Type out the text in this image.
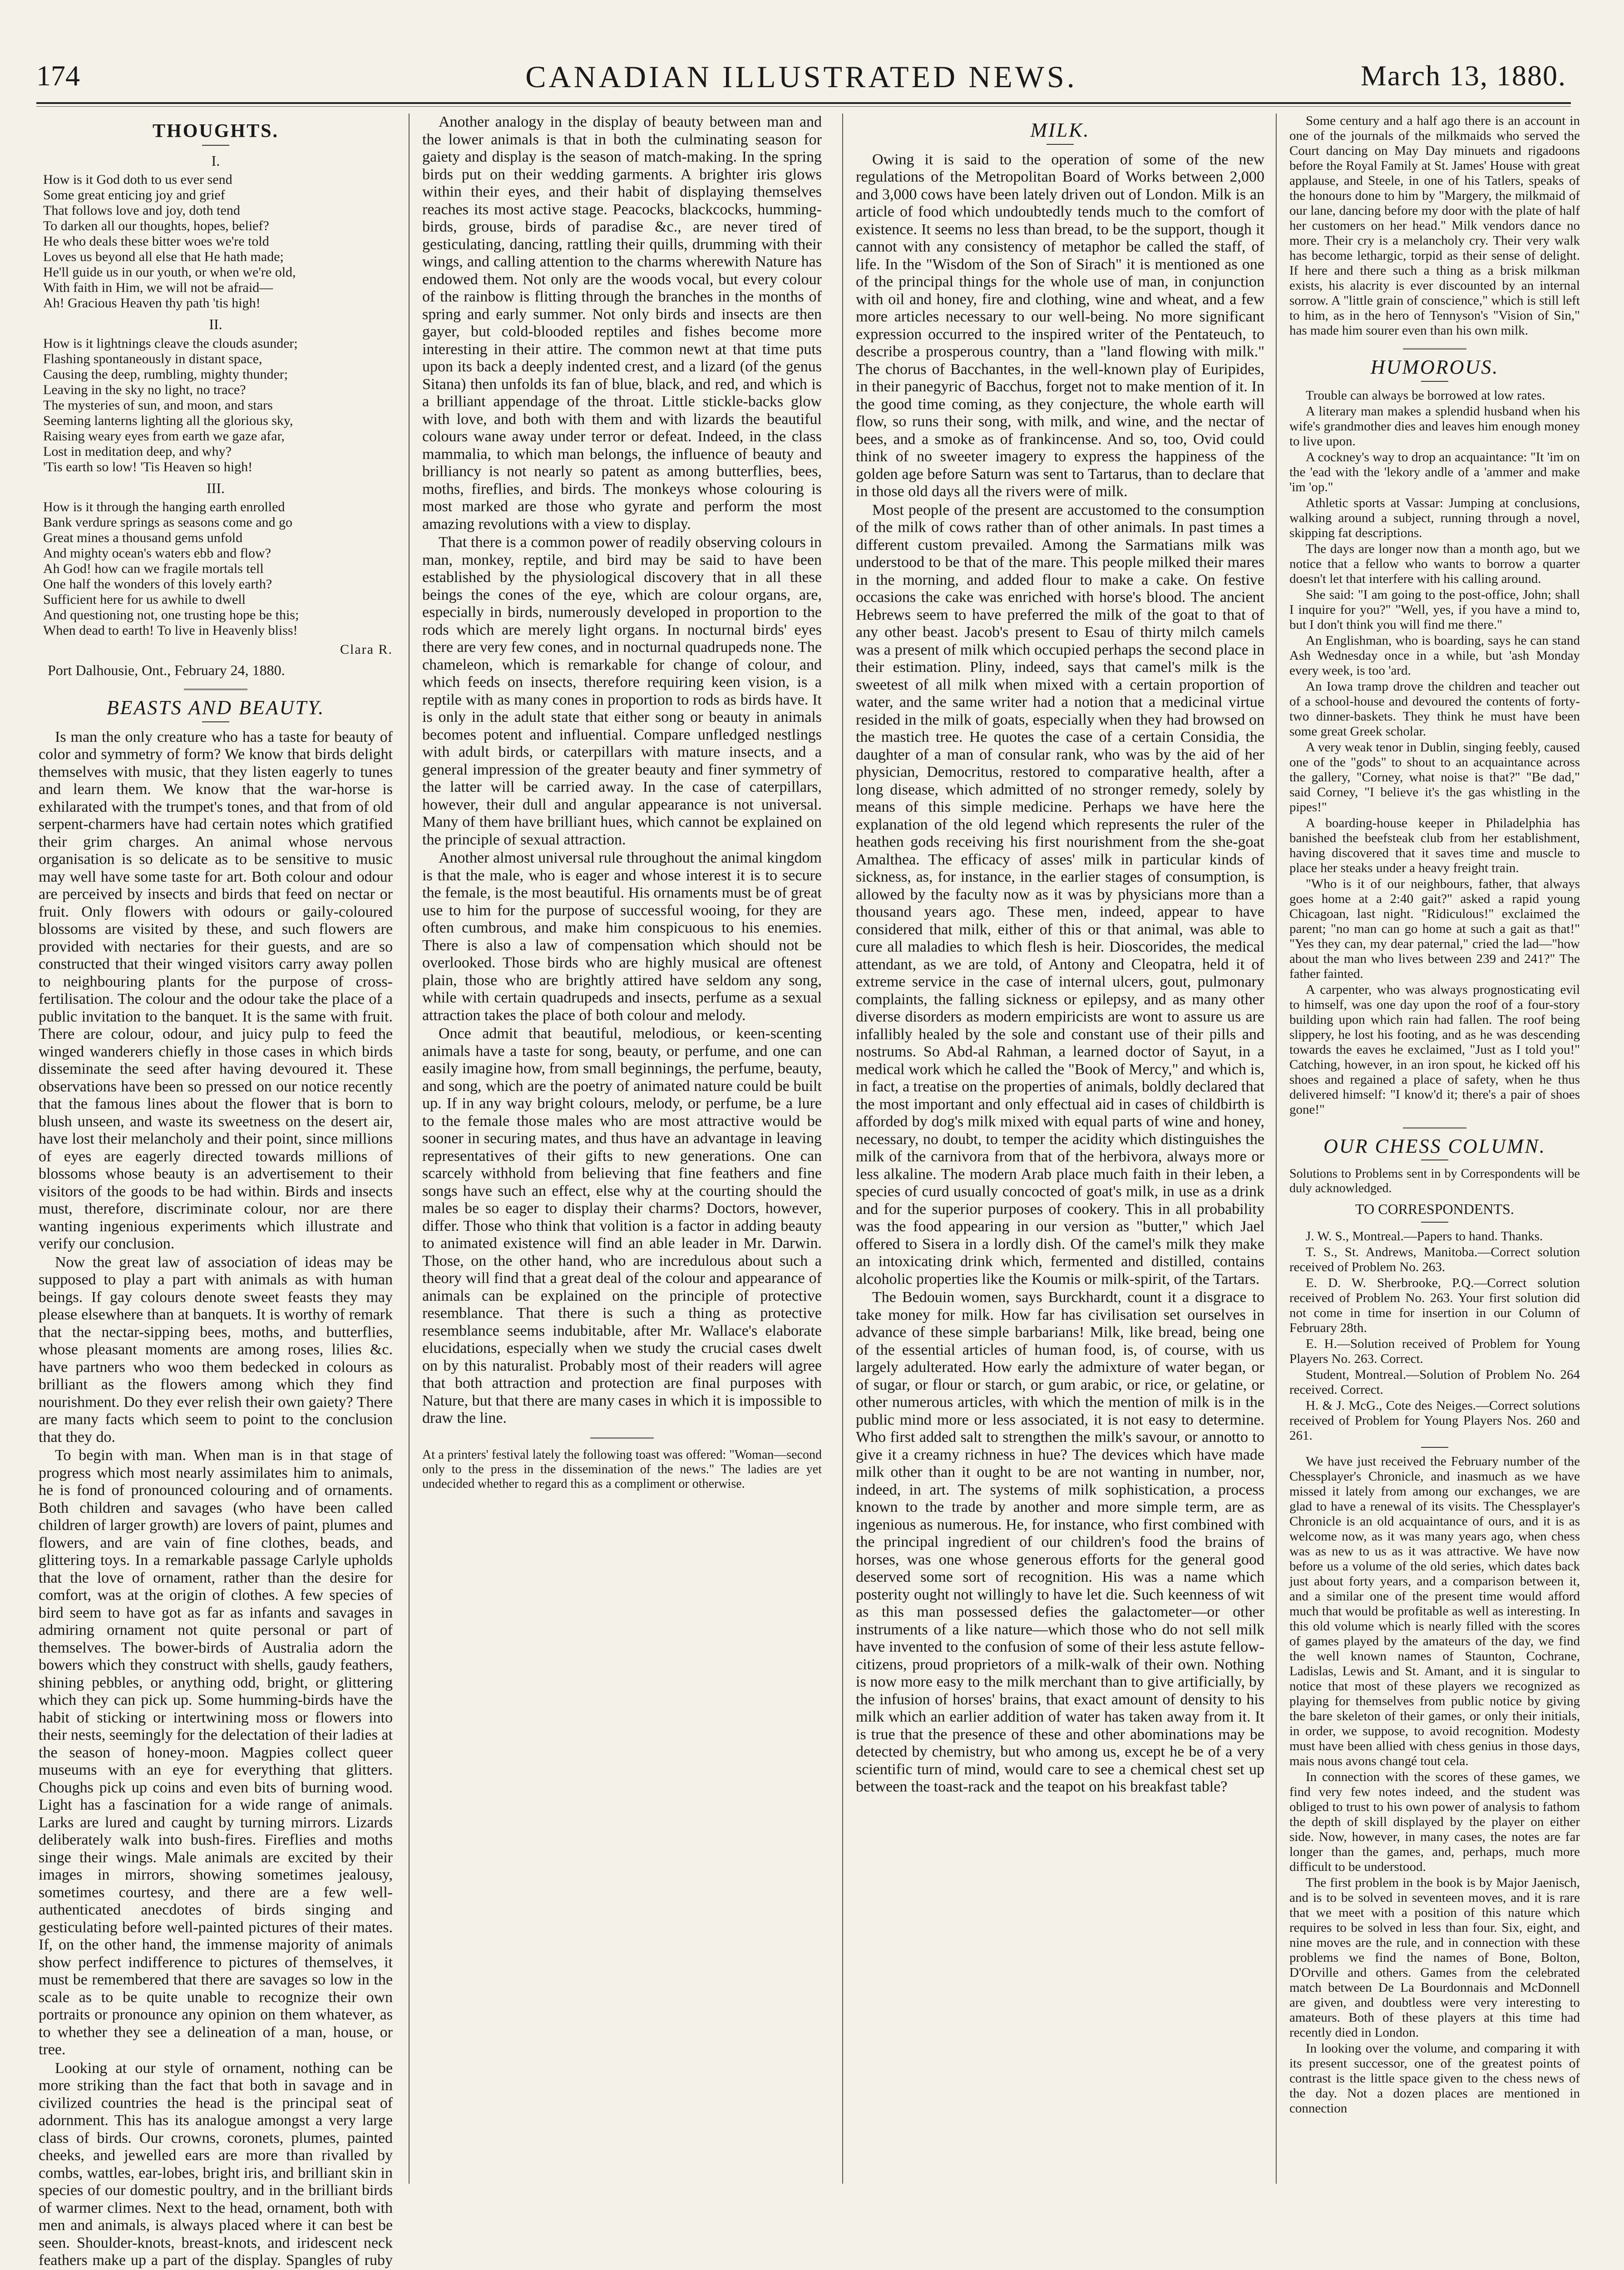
174	CANADIAN ILLUSTRATED NEWS.	March 13, 1880.
THOUGHTS.
I.

How is it God doth to us ever send

Some great enticing joy and grief

That follows love and joy, doth tend

To darken all our thoughts, hopes, belief?

He who deals these bitter woes we're told

Loves us beyond all else that He hath made;

He'll guide us in our youth, or when we're old,

With faith in Him, we will not be afraid—

Ah! Gracious Heaven thy path 'tis high!

II.

How is it lightnings cleave the clouds asunder;

Flashing spontaneously in distant space,

Causing the deep, rumbling, mighty thunder;

Leaving in the sky no light, no trace?

The mysteries of sun, and moon, and stars

Seeming lanterns lighting all the glorious sky,

Raising weary eyes from earth we gaze afar,

Lost in meditation deep, and why?

'Tis earth so low! 'Tis Heaven so high!

III.

How is it through the hanging earth enrolled

Bank verdure springs as seasons come and go

Great mines a thousand gems unfold

And mighty ocean's waters ebb and flow?

Ah God! how can we fragile mortals tell

One half the wonders of this lovely earth?

Sufficient here for us awhile to dwell

And questioning not, one trusting hope be this;

When dead to earth! To live in Heavenly bliss!

Clara R.
Port Dalhousie, Ont., February 24, 1880.
BEASTS AND BEAUTY.

Is man the only creature who has a taste for beauty of color and symmetry of form? We know that birds delight themselves with music, that they listen eagerly to tunes and learn them. We know that the war-horse is exhilarated with the trumpet's tones, and that from of old serpent-charmers have had certain notes which gratified their grim charges. An animal whose nervous organisation is so delicate as to be sensitive to music may well have some taste for art. Both colour and odour are perceived by insects and birds that feed on nectar or fruit. Only flowers with odours or gaily-coloured blossoms are visited by these, and such flowers are provided with nectaries for their guests, and are so constructed that their winged visitors carry away pollen to neighbouring plants for the purpose of cross-fertilisation. The colour and the odour take the place of a public invitation to the banquet. It is the same with fruit. There are colour, odour, and juicy pulp to feed the winged wanderers chiefly in those cases in which birds disseminate the seed after having devoured it. These observations have been so pressed on our notice recently that the famous lines about the flower that is born to blush unseen, and waste its sweetness on the desert air, have lost their melancholy and their point, since millions of eyes are eagerly directed towards millions of blossoms whose beauty is an advertisement to their visitors of the goods to be had within. Birds and insects must, therefore, discriminate colour, nor are there wanting ingenious experiments which illustrate and verify our conclusion.

Now the great law of association of ideas may be supposed to play a part with animals as with human beings. If gay colours denote sweet feasts they may please elsewhere than at banquets. It is worthy of remark that the nectar-sipping bees, moths, and butterflies, whose pleasant moments are among roses, lilies &c. have partners who woo them bedecked in colours as brilliant as the flowers among which they find nourishment. Do they ever relish their own gaiety? There are many facts which seem to point to the conclusion that they do.

To begin with man. When man is in that stage of progress which most nearly assimilates him to animals, he is fond of pronounced colouring and of ornaments. Both children and savages (who have been called children of larger growth) are lovers of paint, plumes and flowers, and are vain of fine clothes, beads, and glittering toys. In a remarkable passage Carlyle upholds that the love of ornament, rather than the desire for comfort, was at the origin of clothes. A few species of bird seem to have got as far as infants and savages in admiring ornament not quite personal or part of themselves. The bower-birds of Australia adorn the bowers which they construct with shells, gaudy feathers, shining pebbles, or anything odd, bright, or glittering which they can pick up. Some humming-birds have the habit of sticking or intertwining moss or flowers into their nests, seemingly for the delectation of their ladies at the season of honey-moon. Magpies collect queer museums with an eye for everything that glitters. Choughs pick up coins and even bits of burning wood. Light has a fascination for a wide range of animals. Larks are lured and caught by turning mirrors. Lizards deliberately walk into bush-fires. Fireflies and moths singe their wings. Male animals are excited by their images in mirrors, showing sometimes jealousy, sometimes courtesy, and there are a few well-authenticated anecdotes of birds singing and gesticulating before well-painted pictures of their mates. If, on the other hand, the immense majority of animals show perfect indifference to pictures of themselves, it must be remembered that there are savages so low in the scale as to be quite unable to recognize their own portraits or pronounce any opinion on them whatever, as to whether they see a delineation of a man, house, or tree.

Looking at our style of ornament, nothing can be more striking than the fact that both in savage and in civilized countries the head is the principal seat of adornment. This has its analogue amongst a very large class of birds. Our crowns, coronets, plumes, painted cheeks, and jewelled ears are more than rivalled by combs, wattles, ear-lobes, bright iris, and brilliant skin in species of our domestic poultry, and in the brilliant birds of warmer climes. Next to the head, ornament, both with men and animals, is always placed where it can best be seen. Shoulder-knots, breast-knots, and iridescent neck feathers make up a part of the display. Spangles of ruby

Another analogy in the display of beauty between man and the lower animals is that in both the culminating season for gaiety and display is the season of match-making. In the spring birds put on their wedding garments. A brighter iris glows within their eyes, and their habit of displaying themselves reaches its most active stage. Peacocks, blackcocks, humming-birds, grouse, birds of paradise &c., are never tired of gesticulating, dancing, rattling their quills, drumming with their wings, and calling attention to the charms wherewith Nature has endowed them. Not only are the woods vocal, but every colour of the rainbow is flitting through the branches in the months of spring and early summer. Not only birds and insects are then gayer, but cold-blooded reptiles and fishes become more interesting in their attire. The common newt at that time puts upon its back a deeply indented crest, and a lizard (of the genus Sitana) then unfolds its fan of blue, black, and red, and which is a brilliant appendage of the throat. Little stickle-backs glow with love, and both with them and with lizards the beautiful colours wane away under terror or defeat. Indeed, in the class mammalia, to which man belongs, the influence of beauty and brilliancy is not nearly so patent as among butterflies, bees, moths, fireflies, and birds. The monkeys whose colouring is most marked are those who gyrate and perform the most amazing revolutions with a view to display.

That there is a common power of readily observing colours in man, monkey, reptile, and bird may be said to have been established by the physiological discovery that in all these beings the cones of the eye, which are colour organs, are, especially in birds, numerously developed in proportion to the rods which are merely light organs. In nocturnal birds' eyes there are very few cones, and in nocturnal quadrupeds none. The chameleon, which is remarkable for change of colour, and which feeds on insects, therefore requiring keen vision, is a reptile with as many cones in proportion to rods as birds have. It is only in the adult state that either song or beauty in animals becomes potent and influential. Compare unfledged nestlings with adult birds, or caterpillars with mature insects, and a general impression of the greater beauty and finer symmetry of the latter will be carried away. In the case of caterpillars, however, their dull and angular appearance is not universal. Many of them have brilliant hues, which cannot be explained on the principle of sexual attraction.

Another almost universal rule throughout the animal kingdom is that the male, who is eager and whose interest it is to secure the female, is the most beautiful. His ornaments must be of great use to him for the purpose of successful wooing, for they are often cumbrous, and make him conspicuous to his enemies. There is also a law of compensation which should not be overlooked. Those birds who are highly musical are oftenest plain, those who are brightly attired have seldom any song, while with certain quadrupeds and insects, perfume as a sexual attraction takes the place of both colour and melody.

Once admit that beautiful, melodious, or keen-scenting animals have a taste for song, beauty, or perfume, and one can easily imagine how, from small beginnings, the perfume, beauty, and song, which are the poetry of animated nature could be built up. If in any way bright colours, melody, or perfume, be a lure to the female those males who are most attractive would be sooner in securing mates, and thus have an advantage in leaving representatives of their gifts to new generations. One can scarcely withhold from believing that fine feathers and fine songs have such an effect, else why at the courting should the males be so eager to display their charms? Doctors, however, differ. Those who think that volition is a factor in adding beauty to animated existence will find an able leader in Mr. Darwin. Those, on the other hand, who are incredulous about such a theory will find that a great deal of the colour and appearance of animals can be explained on the principle of protective resemblance. That there is such a thing as protective resemblance seems indubitable, after Mr. Wallace's elaborate elucidations, especially when we study the crucial cases dwelt on by this naturalist. Probably most of their readers will agree that both attraction and protection are final purposes with Nature, but that there are many cases in which it is impossible to draw the line.

At a printers' festival lately the following toast was offered: "Woman—second only to the press in the dissemination of the news." The ladies are yet undecided whether to regard this as a compliment or otherwise.

MILK.

Owing it is said to the operation of some of the new regulations of the Metropolitan Board of Works between 2,000 and 3,000 cows have been lately driven out of London. Milk is an article of food which undoubtedly tends much to the comfort of existence. It seems no less than bread, to be the support, though it cannot with any consistency of metaphor be called the staff, of life. In the "Wisdom of the Son of Sirach" it is mentioned as one of the principal things for the whole use of man, in conjunction with oil and honey, fire and clothing, wine and wheat, and a few more articles necessary to our well-being. No more significant expression occurred to the inspired writer of the Pentateuch, to describe a prosperous country, than a "land flowing with milk." The chorus of Bacchantes, in the well-known play of Euripides, in their panegyric of Bacchus, forget not to make mention of it. In the good time coming, as they conjecture, the whole earth will flow, so runs their song, with milk, and wine, and the nectar of bees, and a smoke as of frankincense. And so, too, Ovid could think of no sweeter imagery to express the happiness of the golden age before Saturn was sent to Tartarus, than to declare that in those old days all the rivers were of milk.

Most people of the present are accustomed to the consumption of the milk of cows rather than of other animals. In past times a different custom prevailed. Among the Sarmatians milk was understood to be that of the mare. This people milked their mares in the morning, and added flour to make a cake. On festive occasions the cake was enriched with horse's blood. The ancient Hebrews seem to have preferred the milk of the goat to that of any other beast. Jacob's present to Esau of thirty milch camels was a present of milk which occupied perhaps the second place in their estimation. Pliny, indeed, says that camel's milk is the sweetest of all milk when mixed with a certain proportion of water, and the same writer had a notion that a medicinal virtue resided in the milk of goats, especially when they had browsed on the mastich tree. He quotes the case of a certain Considia, the daughter of a man of consular rank, who was by the aid of her physician, Democritus, restored to comparative health, after a long disease, which admitted of no stronger remedy, solely by means of this simple medicine. Perhaps we have here the explanation of the old legend which represents the ruler of the heathen gods receiving his first nourishment from the she-goat Amalthea. The efficacy of asses' milk in particular kinds of sickness, as, for instance, in the earlier stages of consumption, is allowed by the faculty now as it was by physicians more than a thousand years ago. These men, indeed, appear to have considered that milk, either of this or that animal, was able to cure all maladies to which flesh is heir. Dioscorides, the medical attendant, as we are told, of Antony and Cleopatra, held it of extreme service in the case of internal ulcers, gout, pulmonary complaints, the falling sickness or epilepsy, and as many other diverse disorders as modern empiricists are wont to assure us are infallibly healed by the sole and constant use of their pills and nostrums. So Abd-al Rahman, a learned doctor of Sayut, in a medical work which he called the "Book of Mercy," and which is, in fact, a treatise on the properties of animals, boldly declared that the most important and only effectual aid in cases of childbirth is afforded by dog's milk mixed with equal parts of wine and honey, necessary, no doubt, to temper the acidity which distinguishes the milk of the carnivora from that of the herbivora, always more or less alkaline. The modern Arab place much faith in their leben, a species of curd usually concocted of goat's milk, in use as a drink and for the superior purposes of cookery. This in all probability was the food appearing in our version as "butter," which Jael offered to Sisera in a lordly dish. Of the camel's milk they make an intoxicating drink which, fermented and distilled, contains alcoholic properties like the Koumis or milk-spirit, of the Tartars.

The Bedouin women, says Burckhardt, count it a disgrace to take money for milk. How far has civilisation set ourselves in advance of these simple barbarians! Milk, like bread, being one of the essential articles of human food, is, of course, with us largely adulterated. How early the admixture of water began, or of sugar, or flour or starch, or gum arabic, or rice, or gelatine, or other numerous articles, with which the mention of milk is in the public mind more or less associated, it is not easy to determine. Who first added salt to strengthen the milk's savour, or annotto to give it a creamy richness in hue? The devices which have made milk other than it ought to be are not wanting in number, nor, indeed, in art. The systems of milk sophistication, a process known to the trade by another and more simple term, are as ingenious as numerous. He, for instance, who first combined with the principal ingredient of our children's food the brains of horses, was one whose generous efforts for the general good deserved some sort of recognition. His was a name which posterity ought not willingly to have let die. Such keenness of wit as this man possessed defies the galactometer—or other instruments of a like nature—which those who do not sell milk have invented to the confusion of some of their less astute fellow-citizens, proud proprietors of a milk-walk of their own. Nothing is now more easy to the milk merchant than to give artificially, by the infusion of horses' brains, that exact amount of density to his milk which an earlier addition of water has taken away from it. It is true that the presence of these and other abominations may be detected by chemistry, but who among us, except he be of a very scientific turn of mind, would care to see a chemical chest set up between the toast-rack and the teapot on his breakfast table?

Some century and a half ago there is an account in one of the journals of the milkmaids who served the Court dancing on May Day minuets and rigadoons before the Royal Family at St. James' House with great applause, and Steele, in one of his Tatlers, speaks of the honours done to him by "Margery, the milkmaid of our lane, dancing before my door with the plate of half her customers on her head." Milk vendors dance no more. Their cry is a melancholy cry. Their very walk has become lethargic, torpid as their sense of delight. If here and there such a thing as a brisk milkman exists, his alacrity is ever discounted by an internal sorrow. A "little grain of conscience," which is still left to him, as in the hero of Tennyson's "Vision of Sin," has made him sourer even than his own milk.

HUMOROUS.

Trouble can always be borrowed at low rates.

A literary man makes a splendid husband when his wife's grandmother dies and leaves him enough money to live upon.

A cockney's way to drop an acquaintance: "It 'im on the 'ead with the 'lekory andle of a 'ammer and make 'im 'op."

Athletic sports at Vassar: Jumping at conclusions, walking around a subject, running through a novel, skipping fat descriptions.

The days are longer now than a month ago, but we notice that a fellow who wants to borrow a quarter doesn't let that interfere with his calling around.

She said: "I am going to the post-office, John; shall I inquire for you?" "Well, yes, if you have a mind to, but I don't think you will find me there."

An Englishman, who is boarding, says he can stand Ash Wednesday once in a while, but 'ash Monday every week, is too 'ard.

An Iowa tramp drove the children and teacher out of a school-house and devoured the contents of forty-two dinner-baskets. They think he must have been some great Greek scholar.

A very weak tenor in Dublin, singing feebly, caused one of the "gods" to shout to an acquaintance across the gallery, "Corney, what noise is that?" "Be dad," said Corney, "I believe it's the gas whistling in the pipes!"

A boarding-house keeper in Philadelphia has banished the beefsteak club from her establishment, having discovered that it saves time and muscle to place her steaks under a heavy freight train.

"Who is it of our neighbours, father, that always goes home at a 2:40 gait?" asked a rapid young Chicagoan, last night. "Ridiculous!" exclaimed the parent; "no man can go home at such a gait as that!" "Yes they can, my dear paternal," cried the lad—"how about the man who lives between 239 and 241?" The father fainted.

A carpenter, who was always prognosticating evil to himself, was one day upon the roof of a four-story building upon which rain had fallen. The roof being slippery, he lost his footing, and as he was descending towards the eaves he exclaimed, "Just as I told you!" Catching, however, in an iron spout, he kicked off his shoes and regained a place of safety, when he thus delivered himself: "I know'd it; there's a pair of shoes gone!"

OUR CHESS COLUMN.

Solutions to Problems sent in by Correspondents will be duly acknowledged.

TO CORRESPONDENTS.

J. W. S., Montreal.—Papers to hand. Thanks.

T. S., St. Andrews, Manitoba.—Correct solution received of Problem No. 263.

E. D. W. Sherbrooke, P.Q.—Correct solution received of Problem No. 263. Your first solution did not come in time for insertion in our Column of February 28th.

E. H.—Solution received of Problem for Young Players No. 263. Correct.

Student, Montreal.—Solution of Problem No. 264 received. Correct.

H. & J. McG., Cote des Neiges.—Correct solutions received of Problem for Young Players Nos. 260 and 261.

We have just received the February number of the Chessplayer's Chronicle, and inasmuch as we have missed it lately from among our exchanges, we are glad to have a renewal of its visits. The Chessplayer's Chronicle is an old acquaintance of ours, and it is as welcome now, as it was many years ago, when chess was as new to us as it was attractive. We have now before us a volume of the old series, which dates back just about forty years, and a comparison between it, and a similar one of the present time would afford much that would be profitable as well as interesting. In this old volume which is nearly filled with the scores of games played by the amateurs of the day, we find the well known names of Staunton, Cochrane, Ladislas, Lewis and St. Amant, and it is singular to notice that most of these players we recognized as playing for themselves from public notice by giving the bare skeleton of their games, or only their initials, in order, we suppose, to avoid recognition. Modesty must have been allied with chess genius in those days, mais nous avons changé tout cela.

In connection with the scores of these games, we find very few notes indeed, and the student was obliged to trust to his own power of analysis to fathom the depth of skill displayed by the player on either side. Now, however, in many cases, the notes are far longer than the games, and, perhaps, much more difficult to be understood.

The first problem in the book is by Major Jaenisch, and is to be solved in seventeen moves, and it is rare that we meet with a position of this nature which requires to be solved in less than four. Six, eight, and nine moves are the rule, and in connection with these problems we find the names of Bone, Bolton, D'Orville and others. Games from the celebrated match between De La Bourdonnais and McDonnell are given, and doubtless were very interesting to amateurs. Both of these players at this time had recently died in London.

In looking over the volume, and comparing it with its present successor, one of the greatest points of contrast is the little space given to the chess news of the day. Not a dozen places are mentioned in connection
